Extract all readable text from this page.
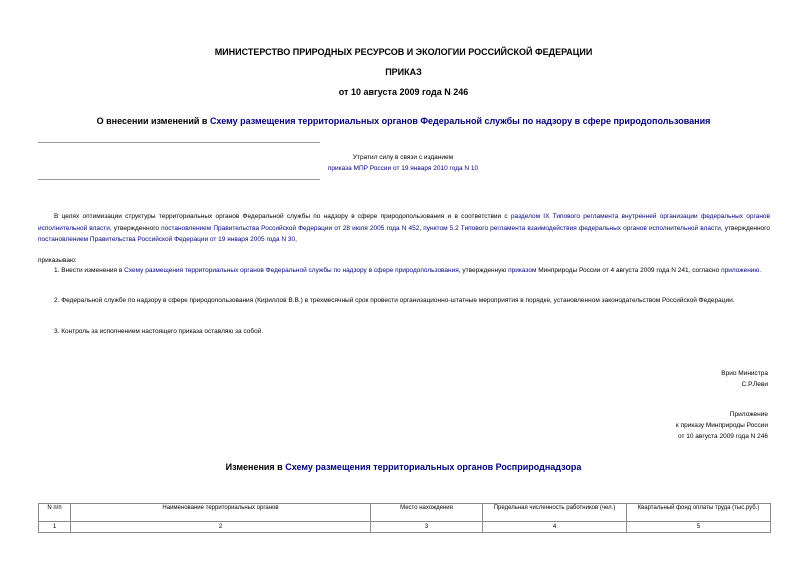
МИНИСТЕРСТВО ПРИРОДНЫХ РЕСУРСОВ И ЭКОЛОГИИ РОССИЙСКОЙ ФЕДЕРАЦИИ
ПРИКАЗ
от 10 августа 2009 года N 246
О внесении изменений в Схему размещения территориальных органов Федеральной службы по надзору в сфере природопользования
Утратил силу в связи с изданием
приказа МПР России от 19 января 2010 года N 10
В целях оптимизации структуры территориальных органов Федеральной службы по надзору в сфере природопользования и в соответствии с разделом IX Типового регламента внутренней организации федеральных органов исполнительной власти, утвержденного постановлением Правительства Российской Федерации от 28 июля 2005 года N 452, пунктом 5.2 Типового регламента взаимодействия федеральных органов исполнительной власти, утвержденного постановлением Правительства Российской Федерации от 19 января 2005 года N 30,
приказываю:
1. Внести изменения в Схему размещения территориальных органов Федеральной службы по надзору в сфере природопользования, утвержденную приказом Минприроды России от 4 августа 2009 года N 241, согласно приложению.
2. Федеральной службе по надзору в сфере природопользования (Кириллов В.В.) в трехмесячный срок провести организационно-штатные мероприятия в порядке, установленном законодательством Российской Федерации.
3. Контроль за исполнением настоящего приказа оставляю за собой.
Врио Министра
С.Р.Леви
Приложение
к приказу Минприроды России
от 10 августа 2009 года N 246
Изменения в Схему размещения территориальных органов Росприроднадзора
N п/п	Наименование территориальных органов	Место нахождения	Предельная численность работников (чел.)	Квартальный фонд оплаты труда (тыс.руб.)
1	2	3	4	5
